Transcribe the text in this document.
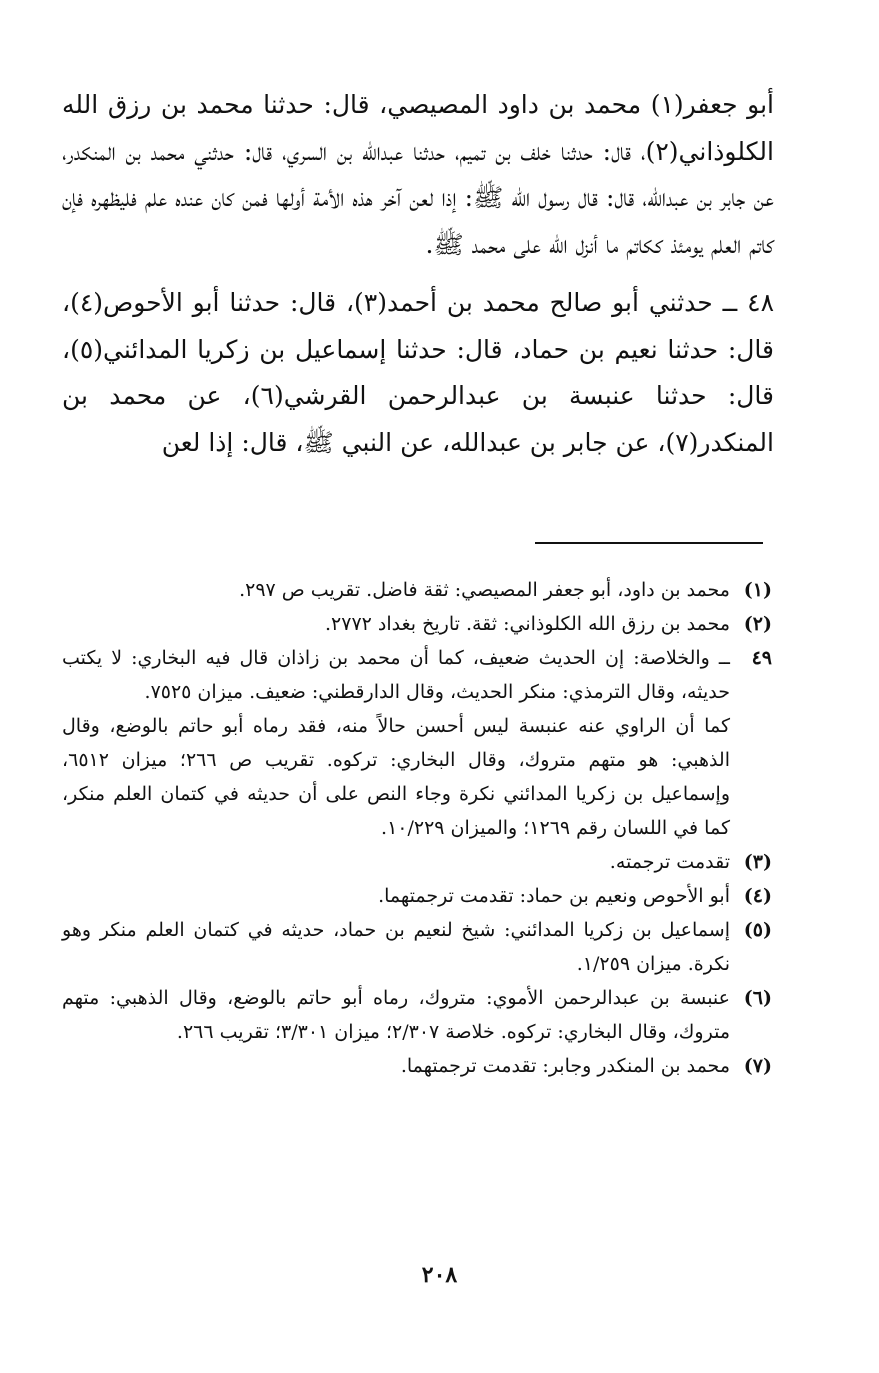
أبو جعفر(١) محمد بن داود المصيصي، قال: حدثنا محمد بن رزق الله الكلوذاني(٢)، قال: حدثنا خلف بن تميم، حدثنا عبدالله بن السري، قال: حدثني محمد بن المنكدر، عن جابر بن عبدالله، قال: قال رسول الله ﷺ: إذا لعن آخر هذه الأمة أولها فمن كان عنده علم فليظهره فإن كاتم العلم يومئذ ككاتم ما أنزل الله على محمد ﷺ.

٤٨ ــ حدثني أبو صالح محمد بن أحمد(٣)، قال: حدثنا أبو الأحوص(٤)، قال: حدثنا نعيم بن حماد، قال: حدثنا إسماعيل بن زكريا المدائني(٥)، قال: حدثنا عنبسة بن عبدالرحمن القرشي(٦)، عن محمد بن المنكدر(٧)، عن جابر بن عبدالله، عن النبي ﷺ، قال: إذا لعن

(١)

محمد بن داود، أبو جعفر المصيصي: ثقة فاضل. تقريب ص ٢٩٧.

(٢)

محمد بن رزق الله الكلوذاني: ثقة. تاريخ بغداد ٢٧٧٢.

٤٩

ــ والخلاصة: إن الحديث ضعيف، كما أن محمد بن زاذان قال فيه البخاري: لا يكتب حديثه، وقال الترمذي: منكر الحديث، وقال الدارقطني: ضعيف. ميزان ٧٥٢٥.

كما أن الراوي عنه عنبسة ليس أحسن حالاً منه، فقد رماه أبو حاتم بالوضع، وقال الذهبي: هو متهم متروك، وقال البخاري: تركوه. تقريب ص ٢٦٦؛ ميزان ٦٥١٢، وإسماعيل بن زكريا المدائني نكرة وجاء النص على أن حديثه في كتمان العلم منكر، كما في اللسان رقم ١٢٦٩؛ والميزان ١٠/٢٢٩.

(٣)

تقدمت ترجمته.

(٤)

أبو الأحوص ونعيم بن حماد: تقدمت ترجمتهما.

(٥)

إسماعيل بن زكريا المدائني: شيخ لنعيم بن حماد، حديثه في كتمان العلم منكر وهو نكرة. ميزان ١/٢٥٩.

(٦)

عنبسة بن عبدالرحمن الأموي: متروك، رماه أبو حاتم بالوضع، وقال الذهبي: متهم متروك، وقال البخاري: تركوه. خلاصة ٢/٣٠٧؛ ميزان ٣/٣٠١؛ تقريب ٢٦٦.

(٧)

محمد بن المنكدر وجابر: تقدمت ترجمتهما.

٢٠٨
